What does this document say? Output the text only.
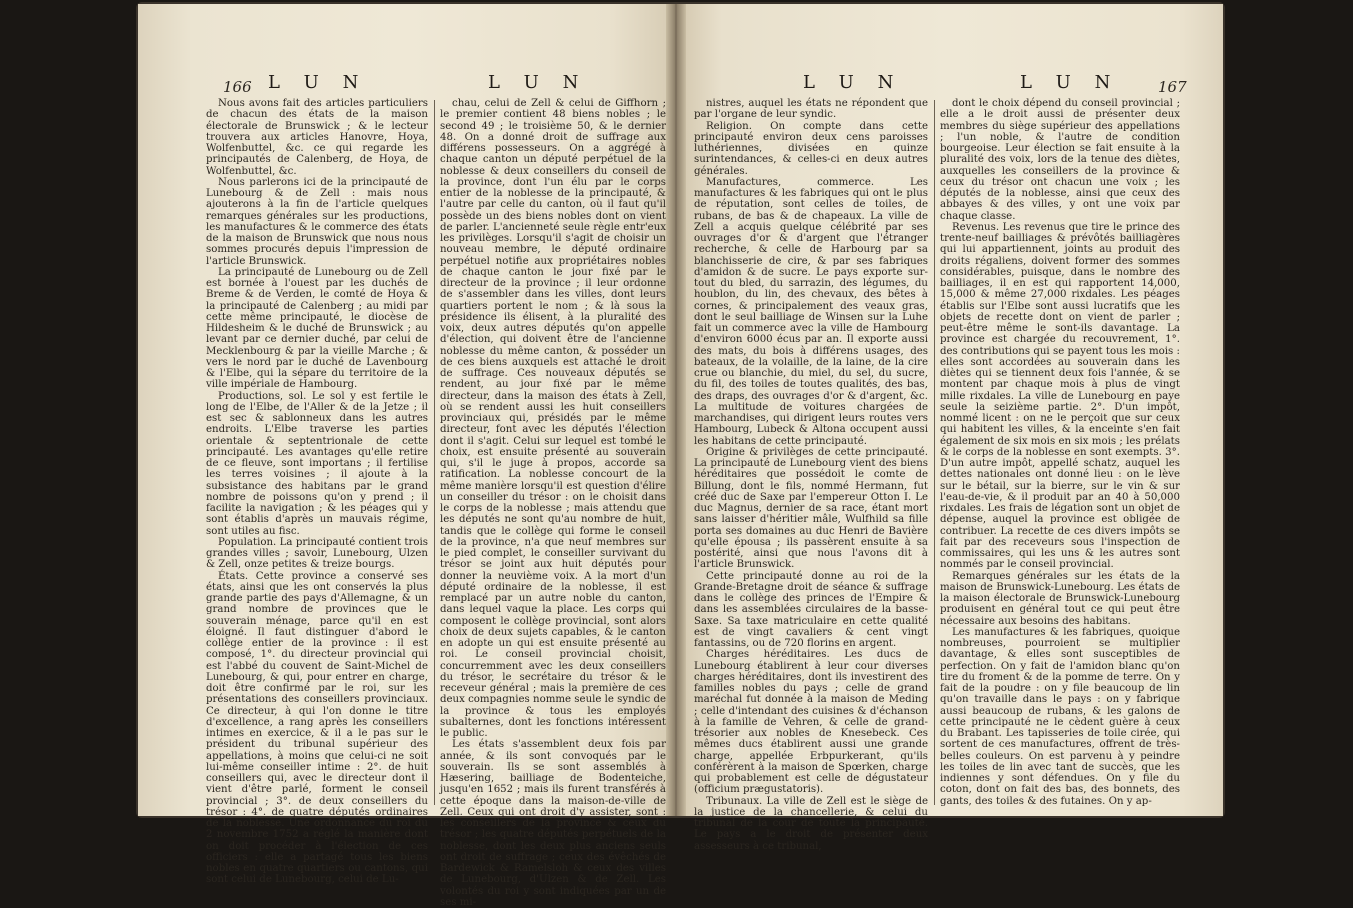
166 L U N	L U N

Nous avons fait des articles particuliers de chacun des états de la maison électorale de Brunswick ; & le lecteur trouvera aux articles Hanovre, Hoya, Wolfenbuttel, &c. ce qui regarde les principautés de Calenberg, de Hoya, de Wolfenbuttel, &c.

Nous parlerons ici de la principauté de Lunebourg & de Zell : mais nous ajouterons à la fin de l'article quelques remarques générales sur les productions, les manufactures & le commerce des états de la maison de Brunswick que nous nous sommes procurés depuis l'impression de l'article Brunswick.

La principauté de Lunebourg ou de Zell est bornée à l'ouest par les duchés de Breme & de Verden, le comté de Hoya & la principauté de Calenberg ; au midi par cette même principauté, le diocèse de Hildesheim & le duché de Brunswick ; au levant par ce dernier duché, par celui de Mecklenbourg & par la vieille Marche ; & vers le nord par le duché de Lavenbourg & l'Elbe, qui la sépare du territoire de la ville impériale de Hambourg.

Productions, sol. Le sol y est fertile le long de l'Elbe, de l'Aller & de la Jetze ; il est sec & sablonneux dans les autres endroits. L'Elbe traverse les parties orientale & septentrionale de cette principauté. Les avantages qu'elle retire de ce fleuve, sont importans ; il fertilise les terres voisines ; il ajoute à la subsistance des habitans par le grand nombre de poissons qu'on y prend ; il facilite la navigation ; & les péages qui y sont établis d'après un mauvais régime, sont utiles au fisc.

Population. La principauté contient trois grandes villes ; savoir, Lunebourg, Ulzen & Zell, onze petites & treize bourgs.

États. Cette province a conservé ses états, ainsi que les ont conservés la plus grande partie des pays d'Allemagne, & un grand nombre de provinces que le souverain ménage, parce qu'il en est éloigné. Il faut distinguer d'abord le collège entier de la province : il est composé, 1°. du directeur provincial qui est l'abbé du couvent de Saint-Michel de Lunebourg, & qui, pour entrer en charge, doit être confirmé par le roi, sur les présentations des conseillers provinciaux. Ce directeur, à qui l'on donne le titre d'excellence, a rang après les conseillers intimes en exercice, & il a le pas sur le président du tribunal supérieur des appellations, à moins que celui-ci ne soit lui-même conseiller intime : 2°. de huit conseillers qui, avec le directeur dont il vient d'être parlé, forment le conseil provincial ; 3°. de deux conseillers du trésor : 4°. de quatre députés ordinaires de la noblesse. Une ordonnance du roi du 2 novembre 1752 a réglé la manière dont on doit procéder à l'élection de ces officiers : elle a partagé tous les biens nobles en quatre quartiers ou cantons, qui sont celui de Lunebourg, celui de Lu-

chau, celui de Zell & celui de Giffhorn ; le premier contient 48 biens nobles ; le second 49 ; le troisième 50, & le dernier 48. On a donné droit de suffrage aux différens possesseurs. On a aggrégé à chaque canton un député perpétuel de la noblesse & deux conseillers du conseil de la province, dont l'un élu par le corps entier de la noblesse de la principauté, & l'autre par celle du canton, où il faut qu'il possède un des biens nobles dont on vient de parler. L'ancienneté seule règle entr'eux les privilèges. Lorsqu'il s'agit de choisir un nouveau membre, le député ordinaire perpétuel notifie aux propriétaires nobles de chaque canton le jour fixé par le directeur de la province ; il leur ordonne de s'assembler dans les villes, dont leurs quartiers portent le nom ; & là sous la présidence ils élisent, à la pluralité des voix, deux autres députés qu'on appelle d'élection, qui doivent être de l'ancienne noblesse du même canton, & posséder un de ces biens auxquels est attaché le droit de suffrage. Ces nouveaux députés se rendent, au jour fixé par le même directeur, dans la maison des états à Zell, où se rendent aussi les huit conseillers provinciaux qui, présidés par le même directeur, font avec les députés l'élection dont il s'agit. Celui sur lequel est tombé le choix, est ensuite présenté au souverain qui, s'il le juge à propos, accorde sa ratification. La noblesse concourt de la même manière lorsqu'il est question d'élire un conseiller du trésor : on le choisit dans le corps de la noblesse ; mais attendu que les députés ne sont qu'au nombre de huit, tandis que le collège qui forme le conseil de la province, n'a que neuf membres sur le pied complet, le conseiller survivant du trésor se joint aux huit députés pour donner la neuvième voix. A la mort d'un député ordinaire de la noblesse, il est remplacé par un autre noble du canton, dans lequel vaque la place. Les corps qui composent le collège provincial, sont alors choix de deux sujets capables, & le canton en adopte un qui est ensuite présenté au roi. Le conseil provincial choisit, concurremment avec les deux conseillers du trésor, le secrétaire du trésor & le receveur général ; mais la première de ces deux compagnies nomme seule le syndic de la province & tous les employés subalternes, dont les fonctions intéressent le public.

Les états s'assemblent deux fois par année, & ils sont convoqués par le souverain. Ils se sont assemblés à Hæsering, bailliage de Bodenteiche, jusqu'en 1652 ; mais ils furent transférés à cette époque dans la maison-de-ville de Zell. Ceux qui ont droit d'y assister, sont : les conseillers de la province & ceux du trésor ; les quatre députés perpétuels de la noblesse, dont les deux plus anciens seuls ont droit de suffrage ; ceux des évêchés de Bardewick & Ramelsloh & ceux des villes de Lunebourg, d'Ulzen & de Zell. Les volontés du roi y sont indiquées par un de ses mi-

L U N	L U N	167

nistres, auquel les états ne répondent que par l'organe de leur syndic.

Religion. On compte dans cette principauté environ deux cens paroisses luthériennes, divisées en quinze surintendances, & celles-ci en deux autres générales.

Manufactures, commerce. Les manufactures & les fabriques qui ont le plus de réputation, sont celles de toiles, de rubans, de bas & de chapeaux. La ville de Zell a acquis quelque célébrité par ses ouvrages d'or & d'argent que l'étranger recherche, & celle de Harbourg par sa blanchisserie de cire, & par ses fabriques d'amidon & de sucre. Le pays exporte sur-tout du bled, du sarrazin, des légumes, du houblon, du lin, des chevaux, des bêtes à cornes, & principalement des veaux gras, dont le seul bailliage de Winsen sur la Luhe fait un commerce avec la ville de Hambourg d'environ 6000 écus par an. Il exporte aussi des mats, du bois à différens usages, des bateaux, de la volaille, de la laine, de la cire crue ou blanchie, du miel, du sel, du sucre, du fil, des toiles de toutes qualités, des bas, des draps, des ouvrages d'or & d'argent, &c. La multitude de voitures chargées de marchandises, qui dirigent leurs routes vers Hambourg, Lubeck & Altona occupent aussi les habitans de cette principauté.

Origine & privilèges de cette principauté. La principauté de Lunebourg vient des biens héréditaires que possédoit le comte de Billung, dont le fils, nommé Hermann, fut créé duc de Saxe par l'empereur Otton I. Le duc Magnus, dernier de sa race, étant mort sans laisser d'héritier mâle, Wulfhild sa fille porta ses domaines au duc Henri de Bavière qu'elle épousa ; ils passèrent ensuite à sa postérité, ainsi que nous l'avons dit à l'article Brunswick.

Cette principauté donne au roi de la Grande-Bretagne droit de séance & suffrage dans le collège des princes de l'Empire & dans les assemblées circulaires de la basse-Saxe. Sa taxe matriculaire en cette qualité est de vingt cavaliers & cent vingt fantassins, ou de 720 florins en argent.

Charges héréditaires. Les ducs de Lunebourg établirent à leur cour diverses charges héréditaires, dont ils investirent des familles nobles du pays ; celle de grand maréchal fut donnée à la maison de Meding ; celle d'intendant des cuisines & d'échanson à la famille de Vehren, & celle de grand-trésorier aux nobles de Knesebeck. Ces mêmes ducs établirent aussi une grande charge, appellée Erbpurkerant, qu'ils conférèrent à la maison de Spœrken, charge qui probablement est celle de dégustateur (officium prægustatoris).

Tribunaux. La ville de Zell est le siège de la justice de la chancellerie, & celui du tribunal de la cour de toute la principauté. Le pays a le droit de présenter deux assesseurs à ce tribunal,

dont le choix dépend du conseil provincial ; elle a le droit aussi de présenter deux membres du siège supérieur des appellations ; l'un noble, & l'autre de condition bourgeoise. Leur élection se fait ensuite à la pluralité des voix, lors de la tenue des diètes, auxquelles les conseillers de la province & ceux du trésor ont chacun une voix ; les députés de la noblesse, ainsi que ceux des abbayes & des villes, y ont une voix par chaque classe.

Revenus. Les revenus que tire le prince des trente-neuf bailliages & prévôtés bailliagères qui lui appartiennent, joints au produit des droits régaliens, doivent former des sommes considérables, puisque, dans le nombre des bailliages, il en est qui rapportent 14,000, 15,000 & même 27,000 rixdales. Les péages établis sur l'Elbe sont aussi lucratifs que les objets de recette dont on vient de parler ; peut-être même le sont-ils davantage. La province est chargée du recouvrement, 1°. des contributions qui se payent tous les mois : elles sont accordées au souverain dans les diètes qui se tiennent deux fois l'année, & se montent par chaque mois à plus de vingt mille rixdales. La ville de Lunebourg en paye seule la seizième partie. 2°. D'un impôt, nommé licent : on ne le perçoit que sur ceux qui habitent les villes, & la enceinte s'en fait également de six mois en six mois ; les prélats & le corps de la noblesse en sont exempts. 3°. D'un autre impôt, appellé schatz, auquel les dettes nationales ont donné lieu : on le lève sur le bétail, sur la bierre, sur le vin & sur l'eau-de-vie, & il produit par an 40 à 50,000 rixdales. Les frais de légation sont un objet de dépense, auquel la province est obligée de contribuer. La recette de ces divers impôts se fait par des receveurs sous l'inspection de commissaires, qui les uns & les autres sont nommés par le conseil provincial.

Remarques générales sur les états de la maison de Brunswick-Lunebourg. Les états de la maison électorale de Brunswick-Lunebourg produisent en général tout ce qui peut être nécessaire aux besoins des habitans.

Les manufactures & les fabriques, quoique nombreuses, pourroient se multiplier davantage, & elles sont susceptibles de perfection. On y fait de l'amidon blanc qu'on tire du froment & de la pomme de terre. On y fait de la poudre : on y file beaucoup de lin qu'on travaille dans le pays : on y fabrique aussi beaucoup de rubans, & les galons de cette principauté ne le cèdent guère à ceux du Brabant. Les tapisseries de toile cirée, qui sortent de ces manufactures, offrent de très-belles couleurs. On est parvenu à y peindre les toiles de lin avec tant de succès, que les indiennes y sont défendues. On y file du coton, dont on fait des bas, des bonnets, des gants, des toiles & des futaines. On y ap-
